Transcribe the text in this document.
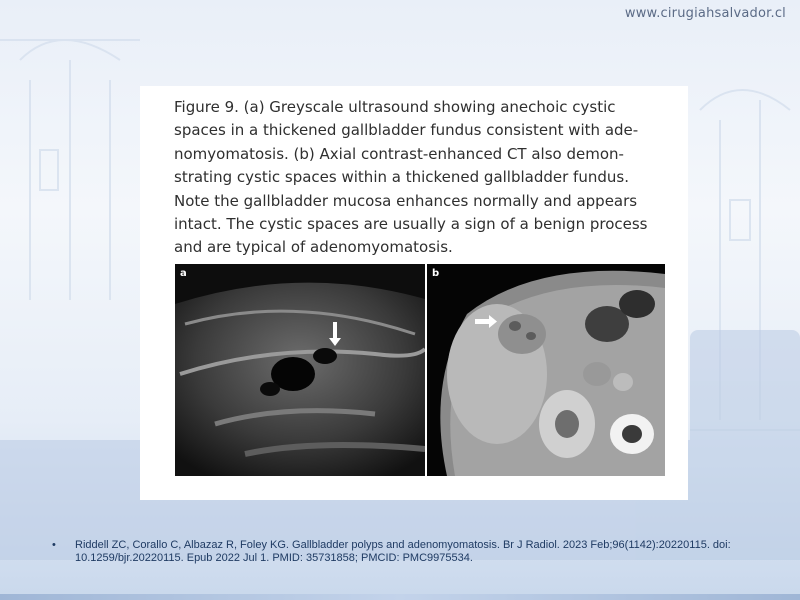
www.cirugiahsalvador.cl
Figure 9. (a) Greyscale ultrasound showing anechoic cystic
spaces in a thickened gallbladder fundus consistent with ade-
nomyomatosis. (b) Axial contrast-enhanced CT also demon-
strating cystic spaces within a thickened gallbladder fundus.
Note the gallbladder mucosa enhances normally and appears
intact. The cystic spaces are usually a sign of a benign process
and are typical of adenomyomatosis.
a	b
•	Riddell ZC, Corallo C, Albazaz R, Foley KG. Gallbladder polyps and adenomyomatosis. Br J Radiol. 2023 Feb;96(1142):20220115. doi: 10.1259/bjr.20220115. Epub 2022 Jul 1. PMID: 35731858; PMCID: PMC9975534.
